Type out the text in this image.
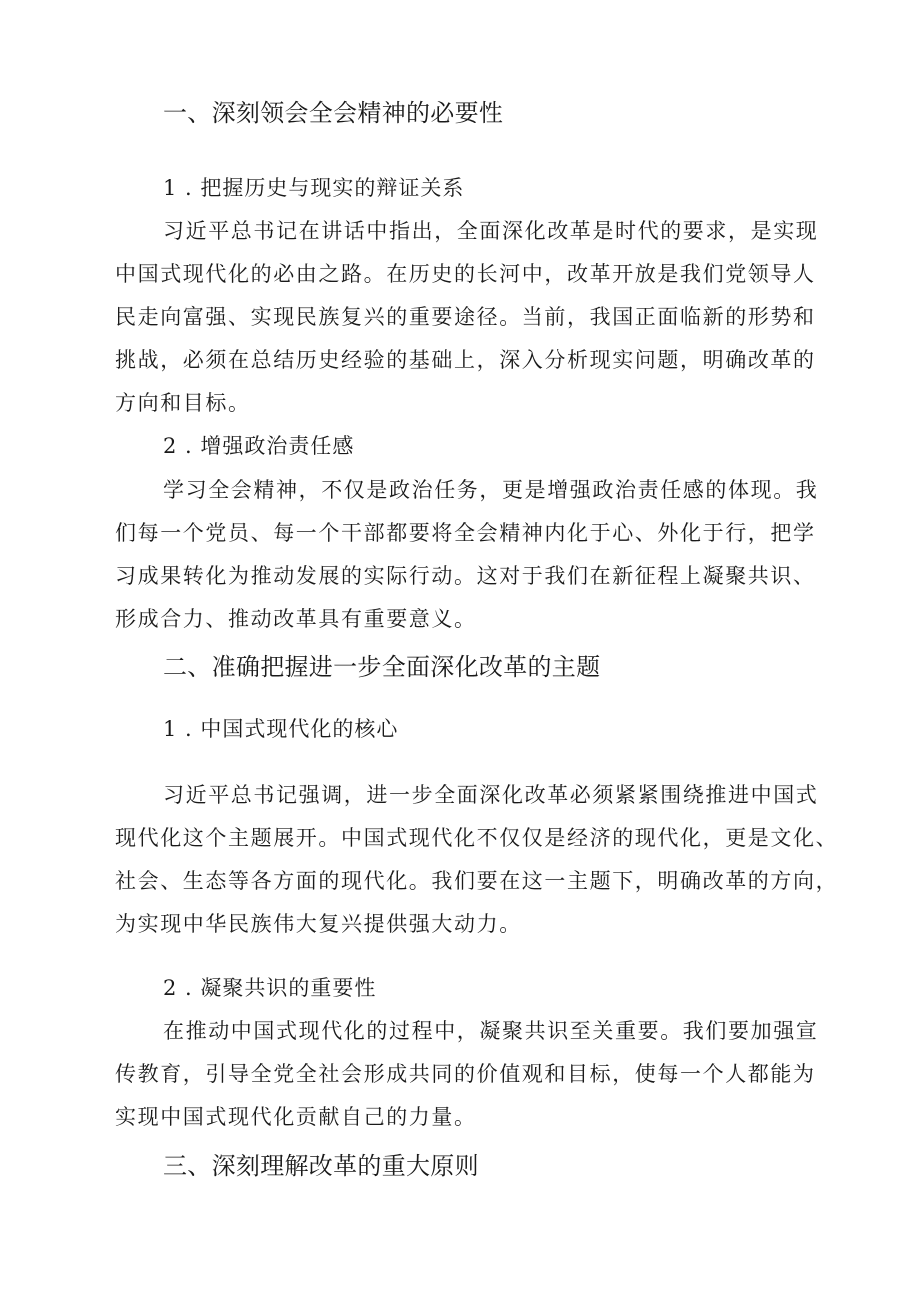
一、深刻领会全会精神的必要性
1 . 把握历史与现实的辩证关系
习近平总书记在讲话中指出，全面深化改革是时代的要求，是实现
中国式现代化的必由之路。在历史的长河中，改革开放是我们党领导人
民走向富强、实现民族复兴的重要途径。当前，我国正面临新的形势和
挑战，必须在总结历史经验的基础上，深入分析现实问题，明确改革的
方向和目标。
2 . 增强政治责任感
学习全会精神，不仅是政治任务，更是增强政治责任感的体现。我
们每一个党员、每一个干部都要将全会精神内化于心、外化于行，把学
习成果转化为推动发展的实际行动。这对于我们在新征程上凝聚共识、
形成合力、推动改革具有重要意义。
二、准确把握进一步全面深化改革的主题
1 . 中国式现代化的核心
习近平总书记强调，进一步全面深化改革必须紧紧围绕推进中国式
现代化这个主题展开。中国式现代化不仅仅是经济的现代化，更是文化、
社会、生态等各方面的现代化。我们要在这一主题下，明确改革的方向，
为实现中华民族伟大复兴提供强大动力。
2 . 凝聚共识的重要性
在推动中国式现代化的过程中，凝聚共识至关重要。我们要加强宣
传教育，引导全党全社会形成共同的价值观和目标，使每一个人都能为
实现中国式现代化贡献自己的力量。
三、深刻理解改革的重大原则
